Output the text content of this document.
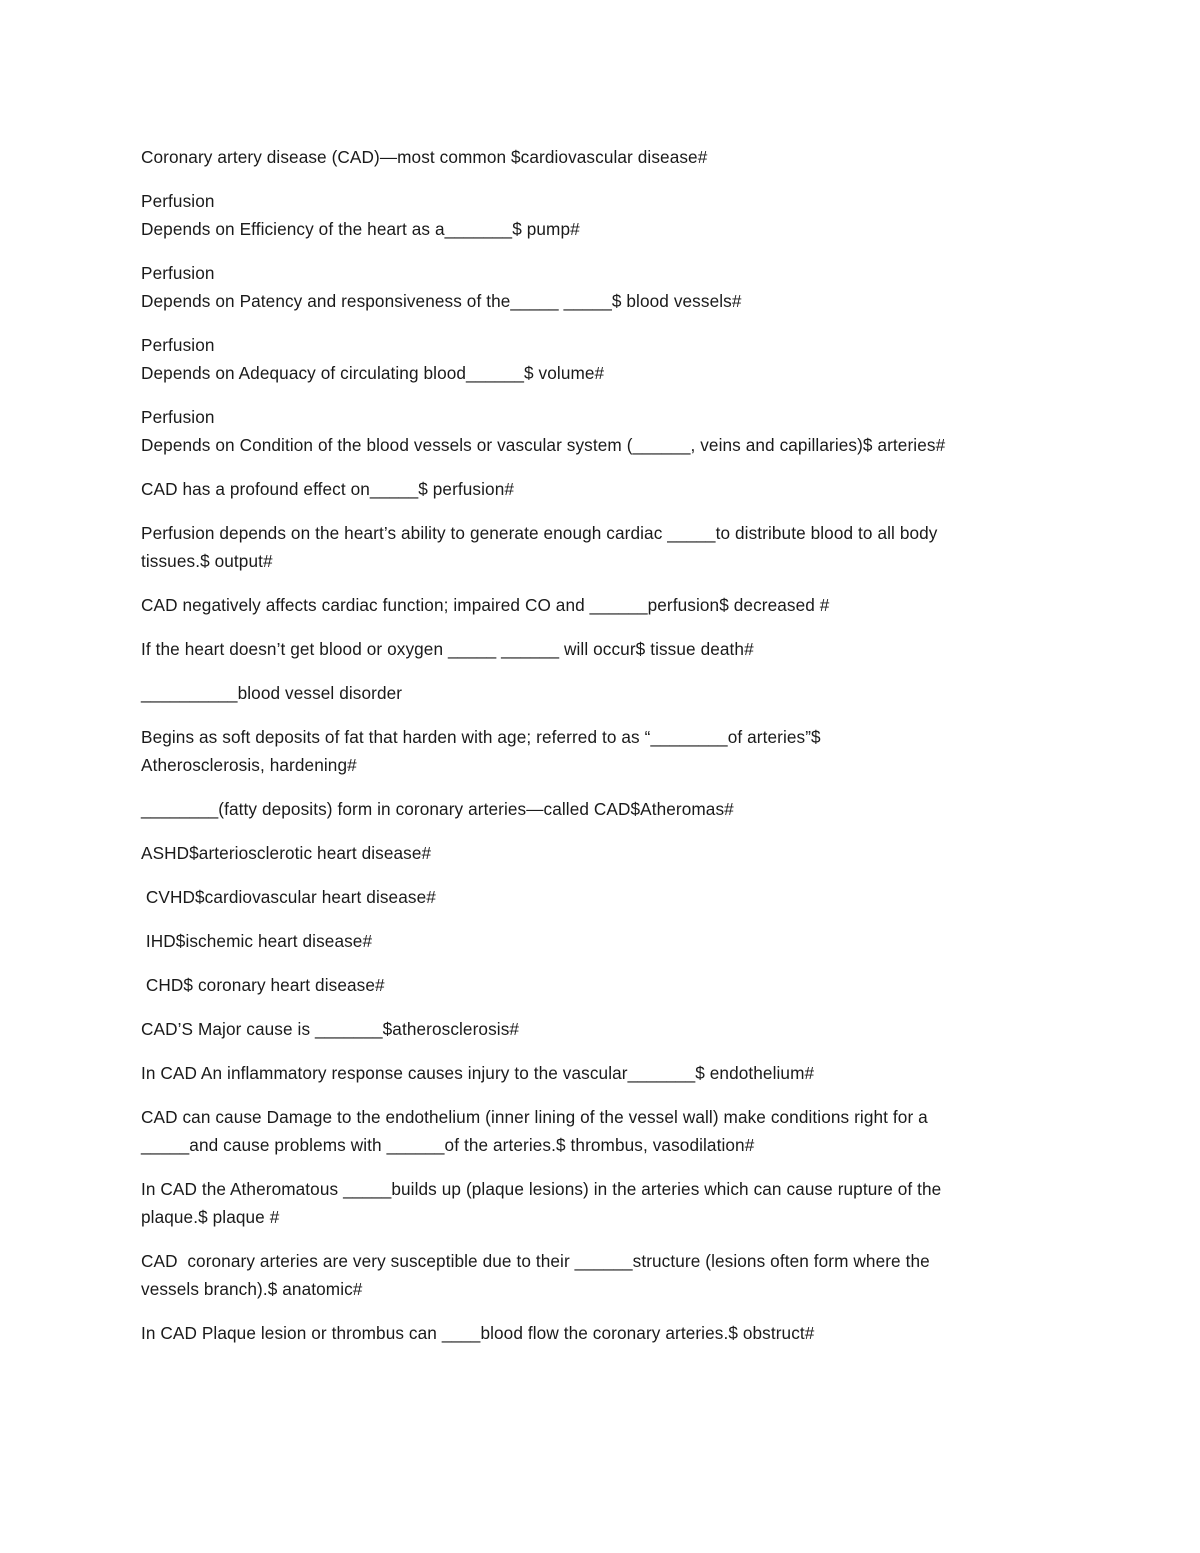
Coronary artery disease (CAD)—most common $cardiovascular disease#

Perfusion
Depends on Efficiency of the heart as a_______$ pump#

Perfusion
Depends on Patency and responsiveness of the_____ _____$ blood vessels#

Perfusion
Depends on Adequacy of circulating blood______$ volume#

Perfusion
Depends on Condition of the blood vessels or vascular system (______, veins and capillaries)$ arteries#

CAD has a profound effect on_____$ perfusion#

Perfusion depends on the heart’s ability to generate enough cardiac _____to distribute blood to all body
tissues.$ output#

CAD negatively affects cardiac function; impaired CO and ______perfusion$ decreased #

If the heart doesn’t get blood or oxygen _____ ______ will occur$ tissue death#

__________blood vessel disorder

Begins as soft deposits of fat that harden with age; referred to as “________of arteries”$
Atherosclerosis, hardening#

________(fatty deposits) form in coronary arteries—called CAD$Atheromas#

ASHD$arteriosclerotic heart disease#

CVHD$cardiovascular heart disease#

IHD$ischemic heart disease#

CHD$ coronary heart disease#

CAD’S Major cause is _______$atherosclerosis#

In CAD An inflammatory response causes injury to the vascular_______$ endothelium#

CAD can cause Damage to the endothelium (inner lining of the vessel wall) make conditions right for a
_____and cause problems with ______of the arteries.$ thrombus, vasodilation#

In CAD the Atheromatous _____builds up (plaque lesions) in the arteries which can cause rupture of the
plaque.$ plaque #

CAD  coronary arteries are very susceptible due to their ______structure (lesions often form where the
vessels branch).$ anatomic#

In CAD Plaque lesion or thrombus can ____blood flow the coronary arteries.$ obstruct#
